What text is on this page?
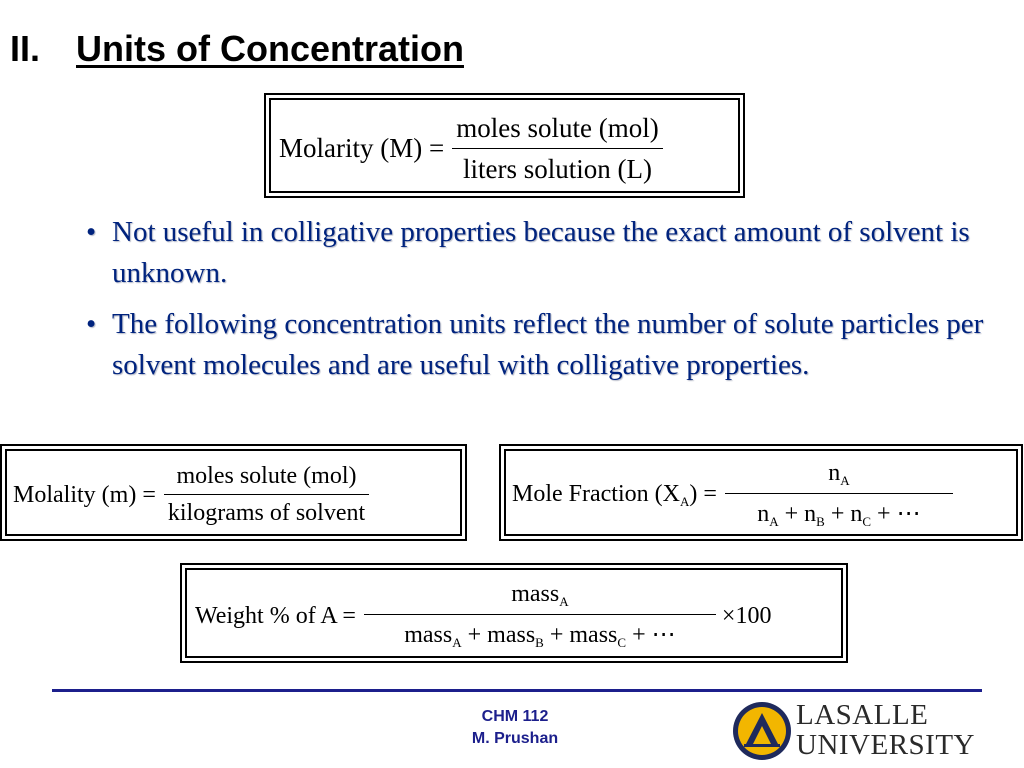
II. Units of Concentration
Molarity $(M) = \frac{\text{moles solute (mol)}}{\text{liters solution (L)}}$
• Not useful in colligative properties because the exact amount of solvent is unknown.
• The following concentration units reflect the number of solute particles per solvent molecules and are useful with colligative properties.
Molality $(m) = \frac{\text{moles solute (mol)}}{\text{kilograms of solvent}}$	Mole Fraction $(X_A) = \frac{n_A}{n_A + n_B + n_C + \cdots}$
Weight % of $A = \frac{mass_A}{mass_A + mass_B + mass_C + \cdots} \times 100$
CHM 112
M. Prushan
LASALLE
UNIVERSITY
